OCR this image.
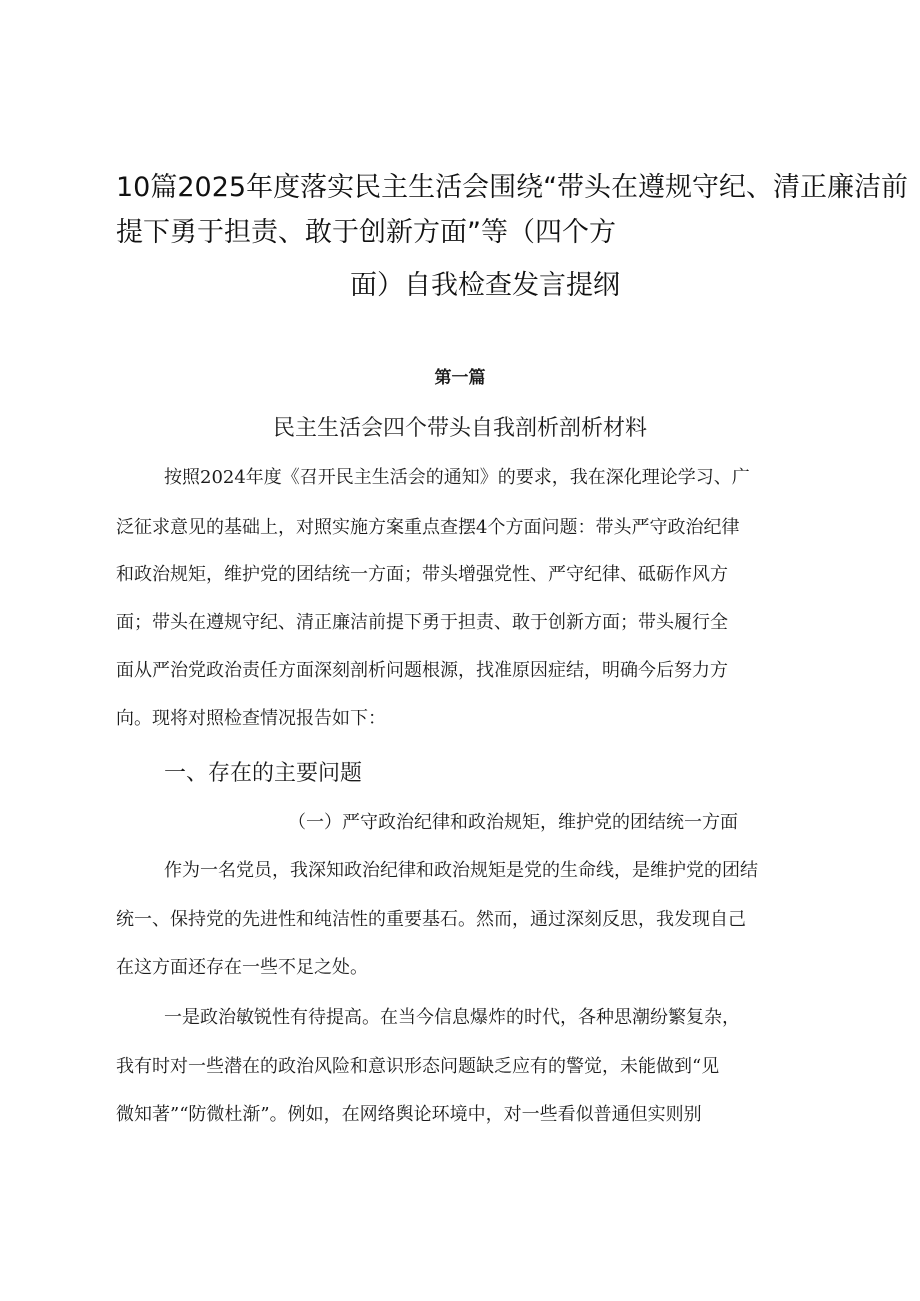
10篇2025年度落实民主生活会围绕“带头在遵规守纪、清正廉洁前
提下勇于担责、敢于创新方面”等（四个方
面）自我检查发言提纲
第一篇
民主生活会四个带头自我剖析剖析材料
按照2024年度《召开民主生活会的通知》的要求，我在深化理论学习、广
泛征求意见的基础上，对照实施方案重点查摆4个方面问题：带头严守政治纪律
和政治规矩，维护党的团结统一方面；带头增强党性、严守纪律、砥砺作风方
面；带头在遵规守纪、清正廉洁前提下勇于担责、敢于创新方面；带头履行全
面从严治党政治责任方面深刻剖析问题根源，找准原因症结，明确今后努力方
向。现将对照检查情况报告如下：
一、存在的主要问题
（一）严守政治纪律和政治规矩，维护党的团结统一方面
作为一名党员，我深知政治纪律和政治规矩是党的生命线，是维护党的团结
统一、保持党的先进性和纯洁性的重要基石。然而，通过深刻反思，我发现自己
在这方面还存在一些不足之处。
一是政治敏锐性有待提高。在当今信息爆炸的时代，各种思潮纷繁复杂，
我有时对一些潜在的政治风险和意识形态问题缺乏应有的警觉，未能做到“见
微知著”“防微杜渐”。例如，在网络舆论环境中，对一些看似普通但实则别
